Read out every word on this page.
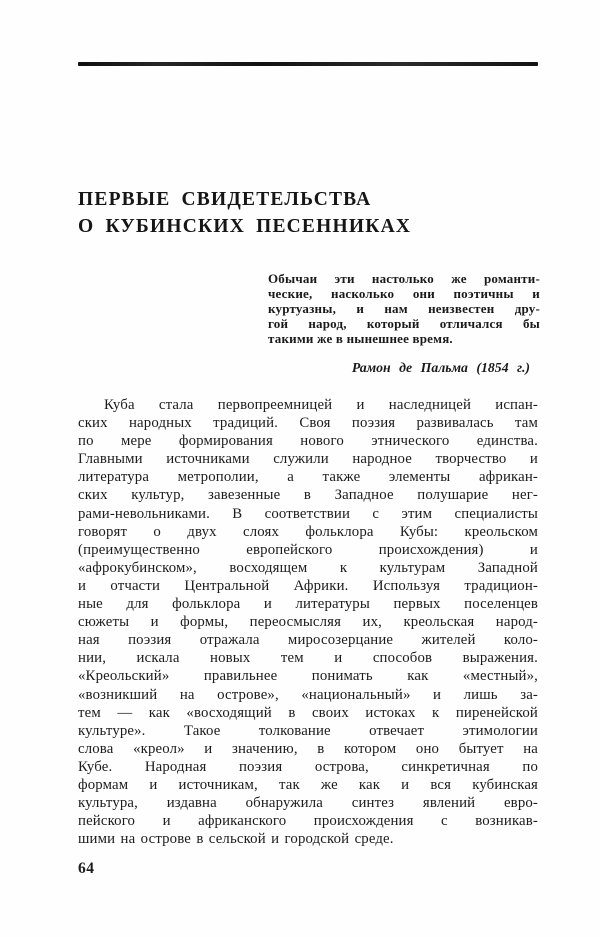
ПЕРВЫЕ СВИДЕТЕЛЬСТВА
О КУБИНСКИХ ПЕСЕННИКАХ
Обычаи эти настолько же романти-
ческие, насколько они поэтичны и
куртуазны, и нам неизвестен дру-
гой народ, который отличался бы
такими же в нынешнее время.
Рамон де Пальма (1854 г.)
Куба стала первопреемницей и наследницей испан-
ских народных традиций. Своя поэзия развивалась там
по мере формирования нового этнического единства.
Главными источниками служили народное творчество и
литература метрополии, а также элементы африкан-
ских культур, завезенные в Западное полушарие нег-
рами-невольниками. В соответствии с этим специалисты
говорят о двух слоях фольклора Кубы: креольском
(преимущественно европейского происхождения) и
«афрокубинском», восходящем к культурам Западной
и отчасти Центральной Африки. Используя традицион-
ные для фольклора и литературы первых поселенцев
сюжеты и формы, переосмысляя их, креольская народ-
ная поэзия отражала миросозерцание жителей коло-
нии, искала новых тем и способов выражения.
«Креольский» правильнее понимать как «местный»,
«возникший на острове», «национальный» и лишь за-
тем — как «восходящий в своих истоках к пиренейской
культуре». Такое толкование отвечает этимологии
слова «креол» и значению, в котором оно бытует на
Кубе. Народная поэзия острова, синкретичная по
формам и источникам, так же как и вся кубинская
культура, издавна обнаружила синтез явлений евро-
пейского и африканского происхождения с возникав-
шими на острове в сельской и городской среде.
64
